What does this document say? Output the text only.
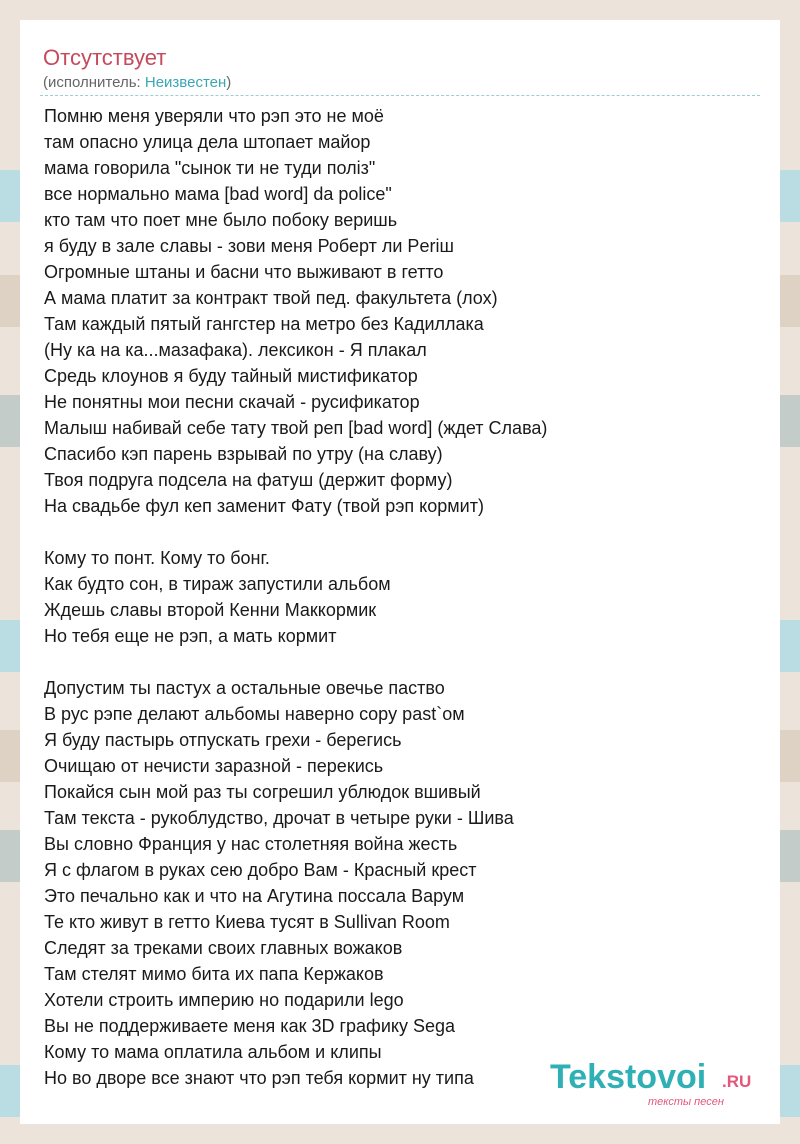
Отсутствует
(исполнитель: Неизвестен)
Помню меня уверяли что рэп это не моё
там опасно улица дела штопает майор
мама говорила "сынок ти не туди поліз"
все нормально мама [bad word] da police"
кто там что поет мне было побоку веришь
я буду в зале славы - зови меня Роберт ли Periш
Огромные штаны и басни что выживают в гетто
А мама платит за контракт твой пед. факультета (лох)
Там каждый пятый гангстер на метро без Кадиллака
(Ну ка на ка...мазафака). лексикон - Я плакал
Средь клоунов я буду тайный мистификатор
Не понятны мои песни скачай - русификатор
Малыш набивай себе тату твой реп [bad word] (ждет Слава)
Спасибо кэп парень взрывай по утру (на славу)
Твоя подруга подсела на фатуш (держит форму)
На свадьбе фул кеп заменит Фату (твой рэп кормит)
Кому то понт. Кому то бонг.
Как будто сон, в тираж запустили альбом
Ждешь славы второй Кенни Маккормик
Но тебя еще не рэп, а мать кормит
Допустим ты пастух а остальные овечье паство
В рус рэпе делают альбомы наверно copy past`ом
Я буду пастырь отпускать грехи - берегись
Очищаю от нечисти заразной - перекись
Покайся сын мой раз ты согрешил ублюдок вшивый
Там текста - рукоблудство, дрочат в четыре руки - Шива
Вы словно Франция у нас столетняя война жесть
Я с флагом в руках сею добро Вам - Красный крест
Это печально как и что на Агутина поссала Варум
Те кто живут в гетто Киева тусят в Sullivan Room
Следят за треками своих главных вожаков
Там стелят мимо бита их папа Кержаков
Хотели строить империю но подарили lego
Вы не поддерживаете меня как 3D графику Sega
Кому то мама оплатила альбом и клипы
Но во дворе все знают что рэп тебя кормит ну типа	Tekstovoi .RU
тексты песен
